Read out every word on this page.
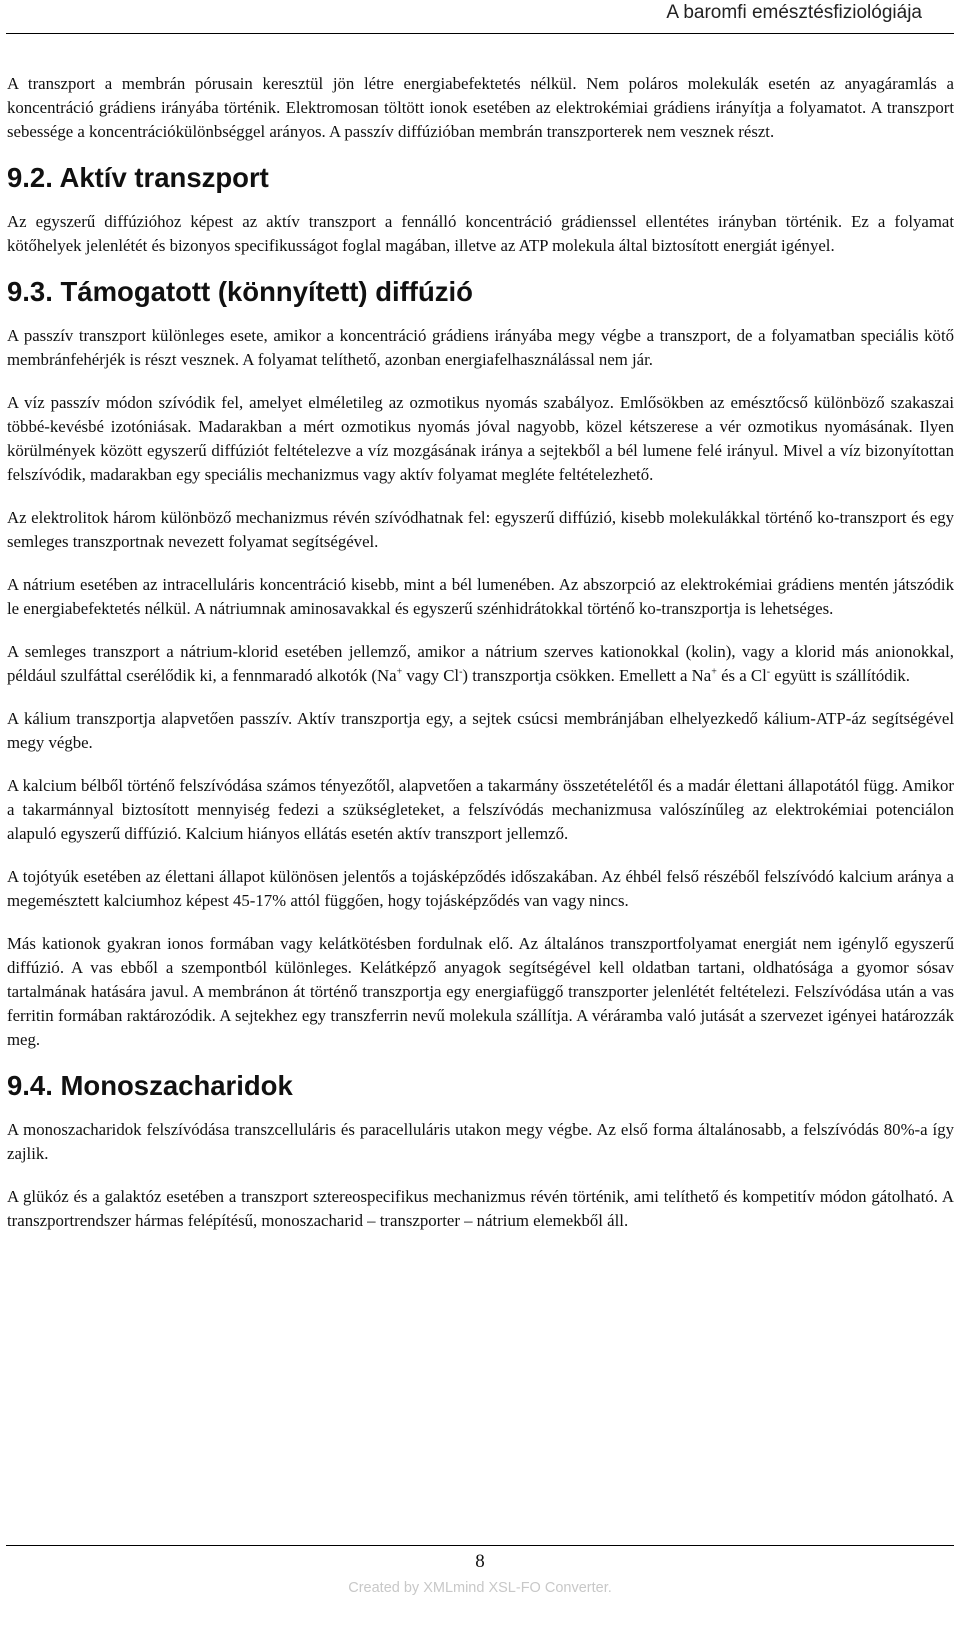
A baromfi emésztésfiziológiája

A transzport a membrán pórusain keresztül jön létre energiabefektetés nélkül. Nem poláros molekulák esetén az anyagáramlás a koncentráció grádiens irányába történik. Elektromosan töltött ionok esetében az elektrokémiai grádiens irányítja a folyamatot. A transzport sebessége a koncentrációkülönbséggel arányos. A passzív diffúzióban membrán transzporterek nem vesznek részt.

9.2. Aktív transzport

Az egyszerű diffúzióhoz képest az aktív transzport a fennálló koncentráció grádienssel ellentétes irányban történik. Ez a folyamat kötőhelyek jelenlétét és bizonyos specifikusságot foglal magában, illetve az ATP molekula által biztosított energiát igényel.

9.3. Támogatott (könnyített) diffúzió

A passzív transzport különleges esete, amikor a koncentráció grádiens irányába megy végbe a transzport, de a folyamatban speciális kötő membránfehérjék is részt vesznek. A folyamat telíthető, azonban energiafelhasználással nem jár.

A víz passzív módon szívódik fel, amelyet elméletileg az ozmotikus nyomás szabályoz. Emlősökben az emésztőcső különböző szakaszai többé-kevésbé izotóniásak. Madarakban a mért ozmotikus nyomás jóval nagyobb, közel kétszerese a vér ozmotikus nyomásának. Ilyen körülmények között egyszerű diffúziót feltételezve a víz mozgásának iránya a sejtekből a bél lumene felé irányul. Mivel a víz bizonyítottan felszívódik, madarakban egy speciális mechanizmus vagy aktív folyamat megléte feltételezhető.

Az elektrolitok három különböző mechanizmus révén szívódhatnak fel: egyszerű diffúzió, kisebb molekulákkal történő ko-transzport és egy semleges transzportnak nevezett folyamat segítségével.

A nátrium esetében az intracelluláris koncentráció kisebb, mint a bél lumenében. Az abszorpció az elektrokémiai grádiens mentén játszódik le energiabefektetés nélkül. A nátriumnak aminosavakkal és egyszerű szénhidrátokkal történő ko-transzportja is lehetséges.

A semleges transzport a nátrium-klorid esetében jellemző, amikor a nátrium szerves kationokkal (kolin), vagy a klorid más anionokkal, például szulfáttal cserélődik ki, a fennmaradó alkotók (Na+ vagy Cl-) transzportja csökken. Emellett a Na+ és a Cl- együtt is szállítódik.

A kálium transzportja alapvetően passzív. Aktív transzportja egy, a sejtek csúcsi membránjában elhelyezkedő kálium-ATP-áz segítségével megy végbe.

A kalcium bélből történő felszívódása számos tényezőtől, alapvetően a takarmány összetételétől és a madár élettani állapotától függ. Amikor a takarmánnyal biztosított mennyiség fedezi a szükségleteket, a felszívódás mechanizmusa valószínűleg az elektrokémiai potenciálon alapuló egyszerű diffúzió. Kalcium hiányos ellátás esetén aktív transzport jellemző.

A tojótyúk esetében az élettani állapot különösen jelentős a tojásképződés időszakában. Az éhbél felső részéből felszívódó kalcium aránya a megemésztett kalciumhoz képest 45-17% attól függően, hogy tojásképződés van vagy nincs.

Más kationok gyakran ionos formában vagy kelátkötésben fordulnak elő. Az általános transzportfolyamat energiát nem igénylő egyszerű diffúzió. A vas ebből a szempontból különleges. Kelátképző anyagok segítségével kell oldatban tartani, oldhatósága a gyomor sósav tartalmának hatására javul. A membránon át történő transzportja egy energiafüggő transzporter jelenlétét feltételezi. Felszívódása után a vas ferritin formában raktározódik. A sejtekhez egy transzferrin nevű molekula szállítja. A véráramba való jutását a szervezet igényei határozzák meg.

9.4. Monoszacharidok

A monoszacharidok felszívódása transzcelluláris és paracelluláris utakon megy végbe. Az első forma általánosabb, a felszívódás 80%-a így zajlik.

A glükóz és a galaktóz esetében a transzport sztereospecifikus mechanizmus révén történik, ami telíthető és kompetitív módon gátolható. A transzportrendszer hármas felépítésű, monoszacharid – transzporter – nátrium elemekből áll.

8
Created by XMLmind XSL-FO Converter.
